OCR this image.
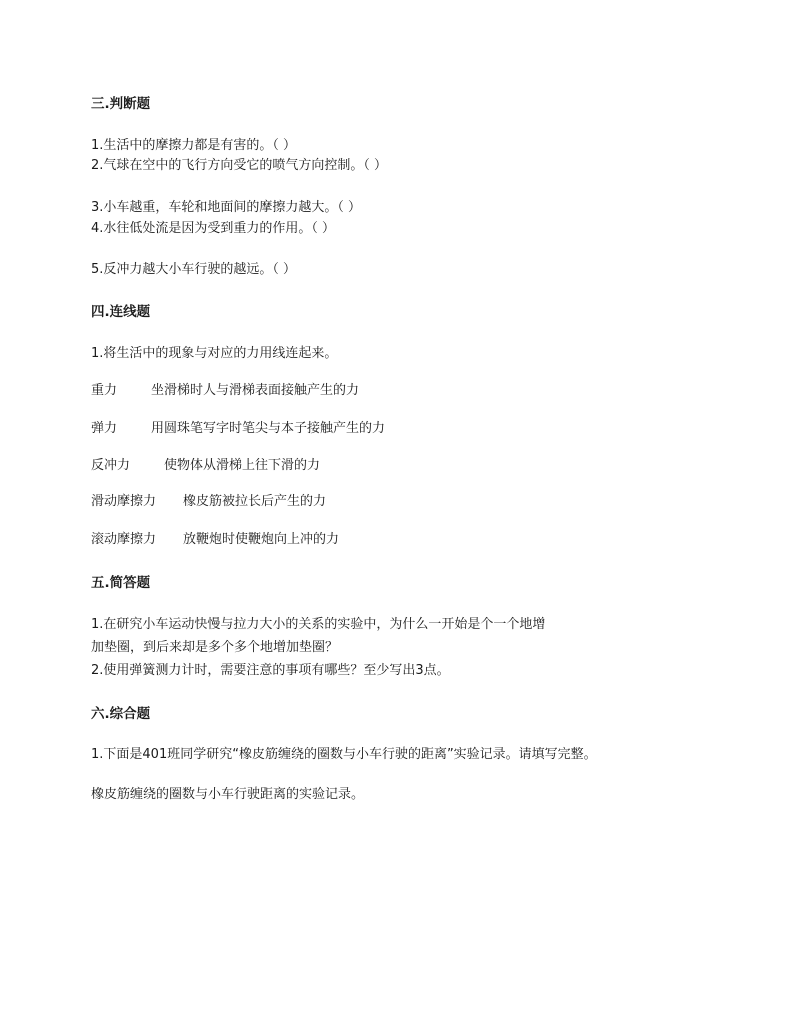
三.判断题
1.生活中的摩擦力都是有害的。（ ）
2.气球在空中的飞行方向受它的喷气方向控制。（ ）
3.小车越重，车轮和地面间的摩擦力越大。（ ）
4.水往低处流是因为受到重力的作用。（ ）
5.反冲力越大小车行驶的越远。（ ）
四.连线题
1.将生活中的现象与对应的力用线连起来。
重力	坐滑梯时人与滑梯表面接触产生的力
弹力	用圆珠笔写字时笔尖与本子接触产生的力
反冲力	使物体从滑梯上往下滑的力
滑动摩擦力 橡皮筋被拉长后产生的力
滚动摩擦力 放鞭炮时使鞭炮向上冲的力
五.简答题
1.在研究小车运动快慢与拉力大小的关系的实验中，为什么一开始是个一个地增
加垫圈，到后来却是多个多个地增加垫圈？
2.使用弹簧测力计时，需要注意的事项有哪些？至少写出3点。
六.综合题
1.下面是401班同学研究“橡皮筋缠绕的圈数与小车行驶的距离”实验记录。请填写完整。
橡皮筋缠绕的圈数与小车行驶距离的实验记录。
